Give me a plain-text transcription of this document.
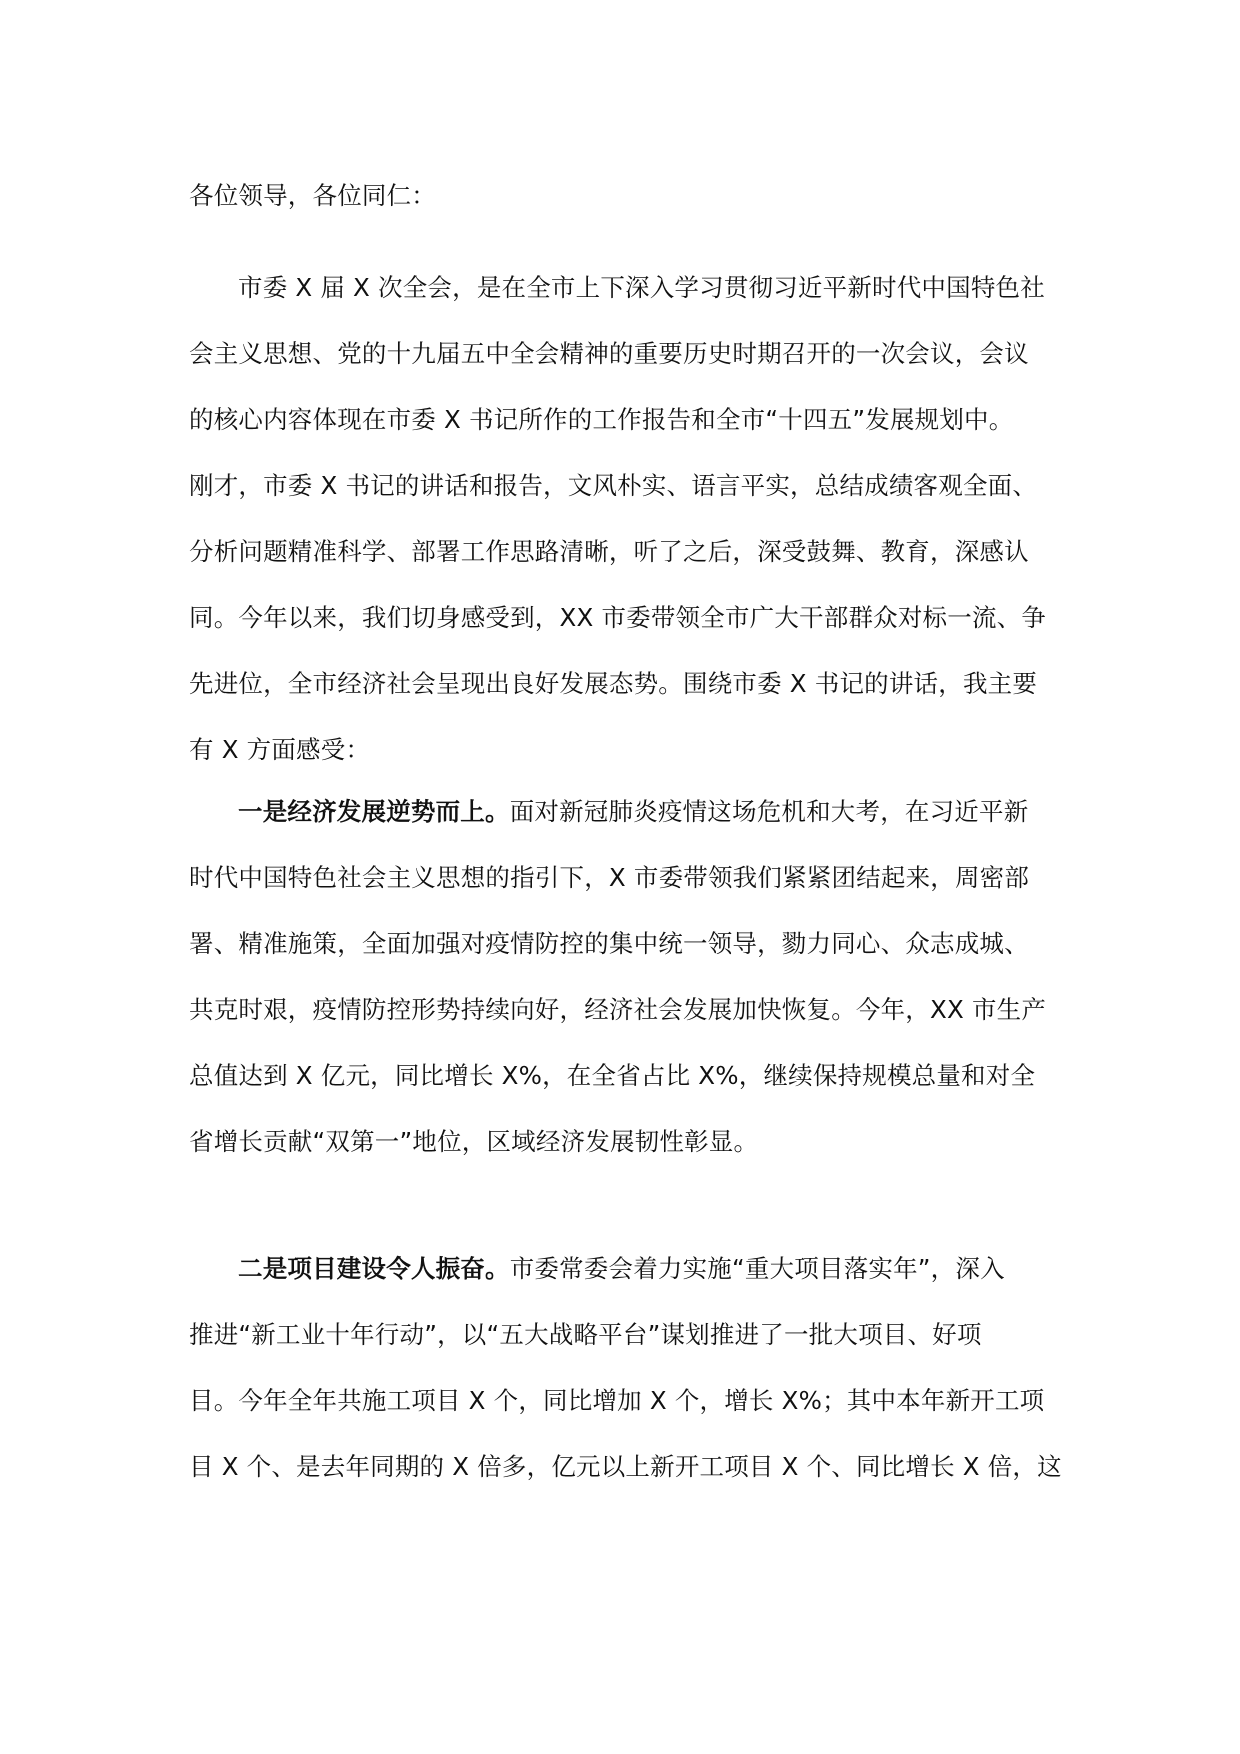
各位领导，各位同仁：
市委 X 届 X 次全会，是在全市上下深入学习贯彻习近平新时代中国特色社
会主义思想、党的十九届五中全会精神的重要历史时期召开的一次会议，会议
的核心内容体现在市委 X 书记所作的工作报告和全市“十四五”发展规划中。
刚才，市委 X 书记的讲话和报告，文风朴实、语言平实，总结成绩客观全面、
分析问题精准科学、部署工作思路清晰，听了之后，深受鼓舞、教育，深感认
同。今年以来，我们切身感受到，XX 市委带领全市广大干部群众对标一流、争
先进位，全市经济社会呈现出良好发展态势。围绕市委 X 书记的讲话，我主要
有 X 方面感受：
一是经济发展逆势而上。面对新冠肺炎疫情这场危机和大考，在习近平新
时代中国特色社会主义思想的指引下，X 市委带领我们紧紧团结起来，周密部
署、精准施策，全面加强对疫情防控的集中统一领导，勠力同心、众志成城、
共克时艰，疫情防控形势持续向好，经济社会发展加快恢复。今年，XX 市生产
总值达到 X 亿元，同比增长 X%，在全省占比 X%，继续保持规模总量和对全
省增长贡献“双第一”地位，区域经济发展韧性彰显。
二是项目建设令人振奋。市委常委会着力实施“重大项目落实年”，深入
推进“新工业十年行动”，以“五大战略平台”谋划推进了一批大项目、好项
目。今年全年共施工项目 X 个，同比增加 X 个，增长 X%；其中本年新开工项
目 X 个、是去年同期的 X 倍多，亿元以上新开工项目 X 个、同比增长 X 倍，这
